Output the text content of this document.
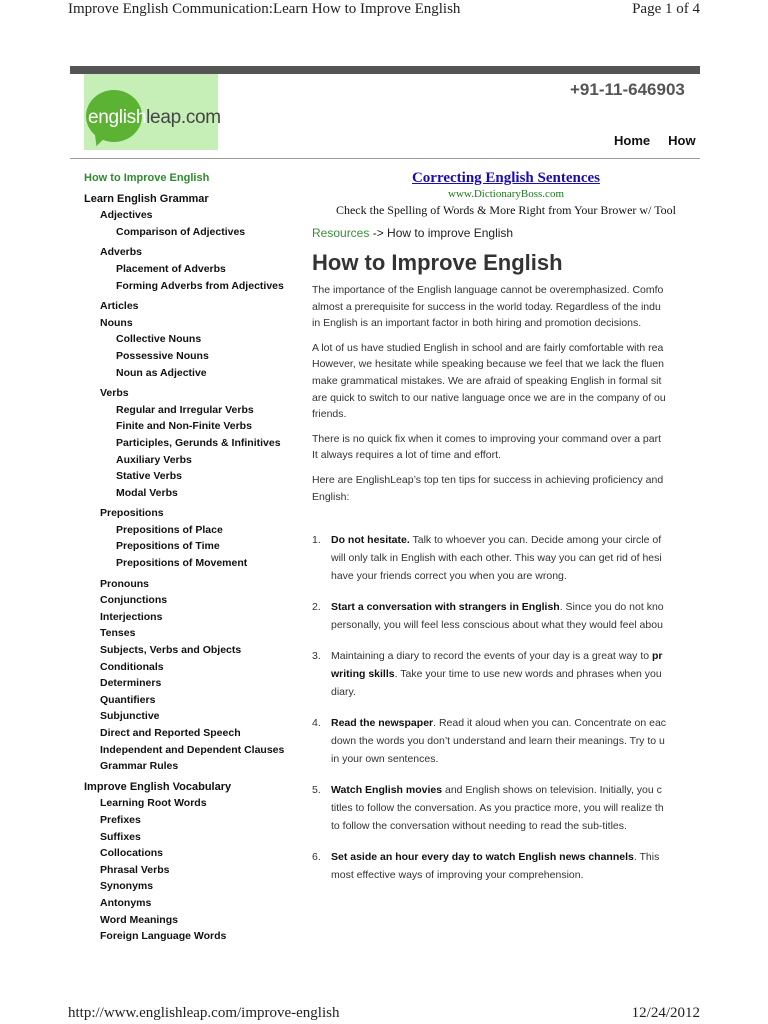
Improve English Communication:Learn How to Improve English	Page 1 of 4
englishleap.com
+91-11-646903
Home How
How to Improve English
Learn English Grammar
Adjectives
Comparison of Adjectives
Adverbs
Placement of Adverbs
Forming Adverbs from Adjectives
Articles
Nouns
Collective Nouns
Possessive Nouns
Noun as Adjective
Verbs
Regular and Irregular Verbs
Finite and Non-Finite Verbs
Participles, Gerunds & Infinitives
Auxiliary Verbs
Stative Verbs
Modal Verbs
Prepositions
Prepositions of Place
Prepositions of Time
Prepositions of Movement
Pronouns
Conjunctions
Interjections
Tenses
Subjects, Verbs and Objects
Conditionals
Determiners
Quantifiers
Subjunctive
Direct and Reported Speech
Independent and Dependent Clauses
Grammar Rules
Improve English Vocabulary
Learning Root Words
Prefixes
Suffixes
Collocations
Phrasal Verbs
Synonyms
Antonyms
Word Meanings
Foreign Language Words
Correcting English Sentences
www.DictionaryBoss.com
Check the Spelling of Words & More Right from Your Brower w/ Tool
Resources -> How to improve English
How to Improve English
The importance of the English language cannot be overemphasized. Comfo
almost a prerequisite for success in the world today. Regardless of the indu
in English is an important factor in both hiring and promotion decisions.
A lot of us have studied English in school and are fairly comfortable with rea
However, we hesitate while speaking because we feel that we lack the fluen
make grammatical mistakes. We are afraid of speaking English in formal sit
are quick to switch to our native language once we are in the company of ou
friends.
There is no quick fix when it comes to improving your command over a part
It always requires a lot of time and effort.
Here are EnglishLeap’s top ten tips for success in achieving proficiency and
English:
1. Do not hesitate. Talk to whoever you can. Decide among your circle of
will only talk in English with each other. This way you can get rid of hesi
have your friends correct you when you are wrong.
2. Start a conversation with strangers in English. Since you do not kno
personally, you will feel less conscious about what they would feel abou
3. Maintaining a diary to record the events of your day is a great way to pr
writing skills. Take your time to use new words and phrases when you
diary.
4. Read the newspaper. Read it aloud when you can. Concentrate on eac
down the words you don’t understand and learn their meanings. Try to u
in your own sentences.
5. Watch English movies and English shows on television. Initially, you c
titles to follow the conversation. As you practice more, you will realize th
to follow the conversation without needing to read the sub-titles.
6. Set aside an hour every day to watch English news channels. This
most effective ways of improving your comprehension.
http://www.englishleap.com/improve-english	12/24/2012
